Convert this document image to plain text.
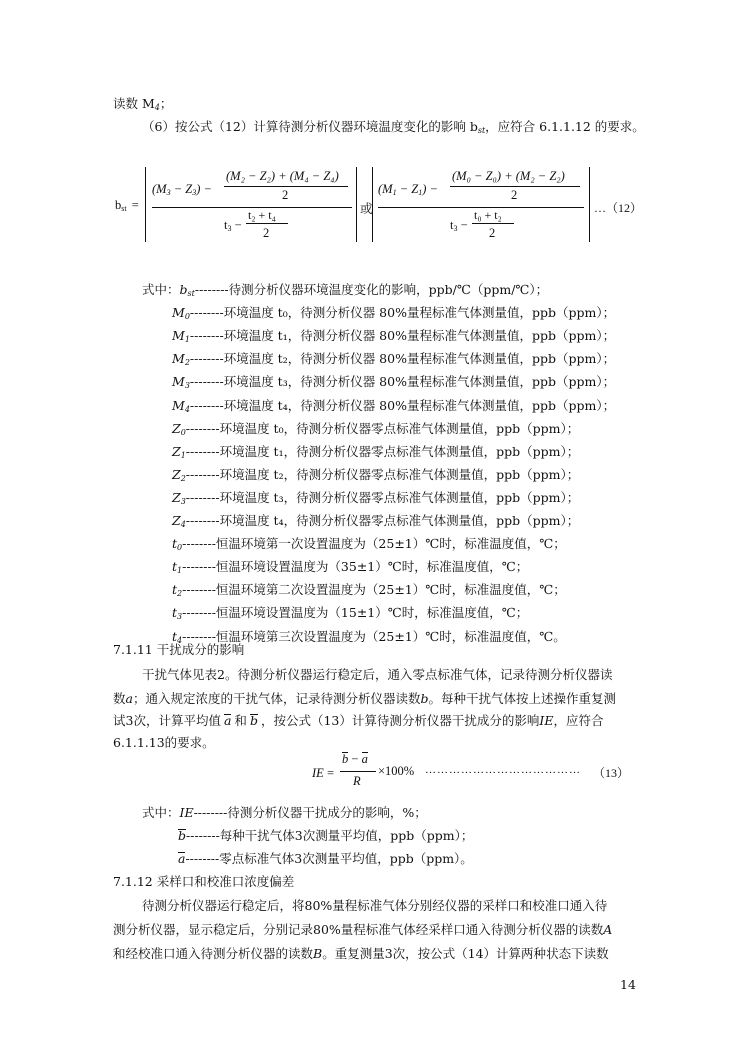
读数 $M_4$；
（6）按公式（12）计算待测分析仪器环境温度变化的影响 $b_{st}$，应符合 6.1.1.12 的要求。
$b_{st}$ =
$(M_3 - Z_3)$ −
(M₂ − Z₂) + (M₄ − Z₄)
2
$t_3$ −
t₂ + t₄
2
或
$(M_1 - Z_1)$ −
(M₀ − Z₀) + (M₂ − Z₂)
2
$t_3$ −
t₀ + t₂
2
…（12）
式中：$b_{st}--------$待测分析仪器环境温度变化的影响，ppb/℃（ppm/℃）；
$M_0--------$环境温度 t₀，待测分析仪器 80%量程标准气体测量值，ppb（ppm）；
$M_1--------$环境温度 t₁，待测分析仪器 80%量程标准气体测量值，ppb（ppm）；
$M_2--------$环境温度 t₂，待测分析仪器 80%量程标准气体测量值，ppb（ppm）；
$M_3--------$环境温度 t₃，待测分析仪器 80%量程标准气体测量值，ppb（ppm）；
$M_4--------$环境温度 t₄，待测分析仪器 80%量程标准气体测量值，ppb（ppm）；
$Z_0--------$环境温度 t₀，待测分析仪器零点标准气体测量值，ppb（ppm）；
$Z_1--------$环境温度 t₁，待测分析仪器零点标准气体测量值，ppb（ppm）；
$Z_2--------$环境温度 t₂，待测分析仪器零点标准气体测量值，ppb（ppm）；
$Z_3--------$环境温度 t₃，待测分析仪器零点标准气体测量值，ppb（ppm）；
$Z_4--------$环境温度 t₄，待测分析仪器零点标准气体测量值，ppb（ppm）；
$t_0--------$恒温环境第一次设置温度为（25±1）℃时，标准温度值，℃；
$t_1--------$恒温环境设置温度为（35±1）℃时，标准温度值，℃；
$t_2--------$恒温环境第二次设置温度为（25±1）℃时，标准温度值，℃；
$t_3--------$恒温环境设置温度为（15±1）℃时，标准温度值，℃；
$t_4--------$恒温环境第三次设置温度为（25±1）℃时，标准温度值，℃。
7.1.11 干扰成分的影响
干扰气体见表2。待测分析仪器运行稳定后，通入零点标准气体，记录待测分析仪器读
数a；通入规定浓度的干扰气体，记录待测分析仪器读数b。每种干扰气体按上述操作重复测
试3次，计算平均值 a 和 b ，按公式（13）计算待测分析仪器干扰成分的影响IE，应符合
6.1.1.13的要求。
IE =
b − a
R
×100% ………………………………… （13）
式中：IE--------待测分析仪器干扰成分的影响，%；
b--------每种干扰气体3次测量平均值，ppb（ppm）；
a--------零点标准气体3次测量平均值，ppb（ppm）。
7.1.12 采样口和校准口浓度偏差
待测分析仪器运行稳定后，将80%量程标准气体分别经仪器的采样口和校准口通入待
测分析仪器，显示稳定后，分别记录80%量程标准气体经采样口通入待测分析仪器的读数A
和经校准口通入待测分析仪器的读数B。重复测量3次，按公式（14）计算两种状态下读数
14
